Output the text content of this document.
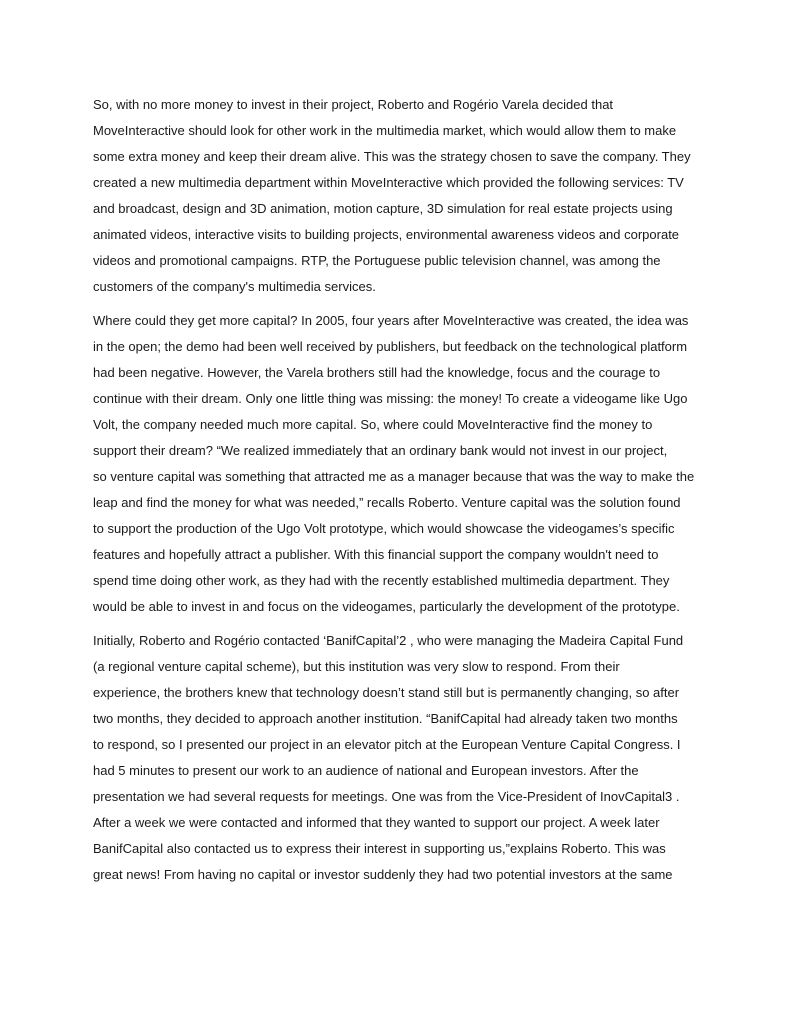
So, with no more money to invest in their project, Roberto and Rogério Varela decided that
MoveInteractive should look for other work in the multimedia market, which would allow them to make
some extra money and keep their dream alive. This was the strategy chosen to save the company. They
created a new multimedia department within MoveInteractive which provided the following services: TV
and broadcast, design and 3D animation, motion capture, 3D simulation for real estate projects using
animated videos, interactive visits to building projects, environmental awareness videos and corporate
videos and promotional campaigns. RTP, the Portuguese public television channel, was among the
customers of the company's multimedia services.
Where could they get more capital? In 2005, four years after MoveInteractive was created, the idea was
in the open; the demo had been well received by publishers, but feedback on the technological platform
had been negative. However, the Varela brothers still had the knowledge, focus and the courage to
continue with their dream. Only one little thing was missing: the money! To create a videogame like Ugo
Volt, the company needed much more capital. So, where could MoveInteractive find the money to
support their dream? “We realized immediately that an ordinary bank would not invest in our project,
so venture capital was something that attracted me as a manager because that was the way to make the
leap and find the money for what was needed,” recalls Roberto. Venture capital was the solution found
to support the production of the Ugo Volt prototype, which would showcase the videogames’s specific
features and hopefully attract a publisher. With this financial support the company wouldn't need to
spend time doing other work, as they had with the recently established multimedia department. They
would be able to invest in and focus on the videogames, particularly the development of the prototype.
Initially, Roberto and Rogério contacted ‘BanifCapital’2 , who were managing the Madeira Capital Fund
(a regional venture capital scheme), but this institution was very slow to respond. From their
experience, the brothers knew that technology doesn’t stand still but is permanently changing, so after
two months, they decided to approach another institution. “BanifCapital had already taken two months
to respond, so I presented our project in an elevator pitch at the European Venture Capital Congress. I
had 5 minutes to present our work to an audience of national and European investors. After the
presentation we had several requests for meetings. One was from the Vice-President of InovCapital3 .
After a week we were contacted and informed that they wanted to support our project. A week later
BanifCapital also contacted us to express their interest in supporting us,”explains Roberto. This was
great news! From having no capital or investor suddenly they had two potential investors at the same
